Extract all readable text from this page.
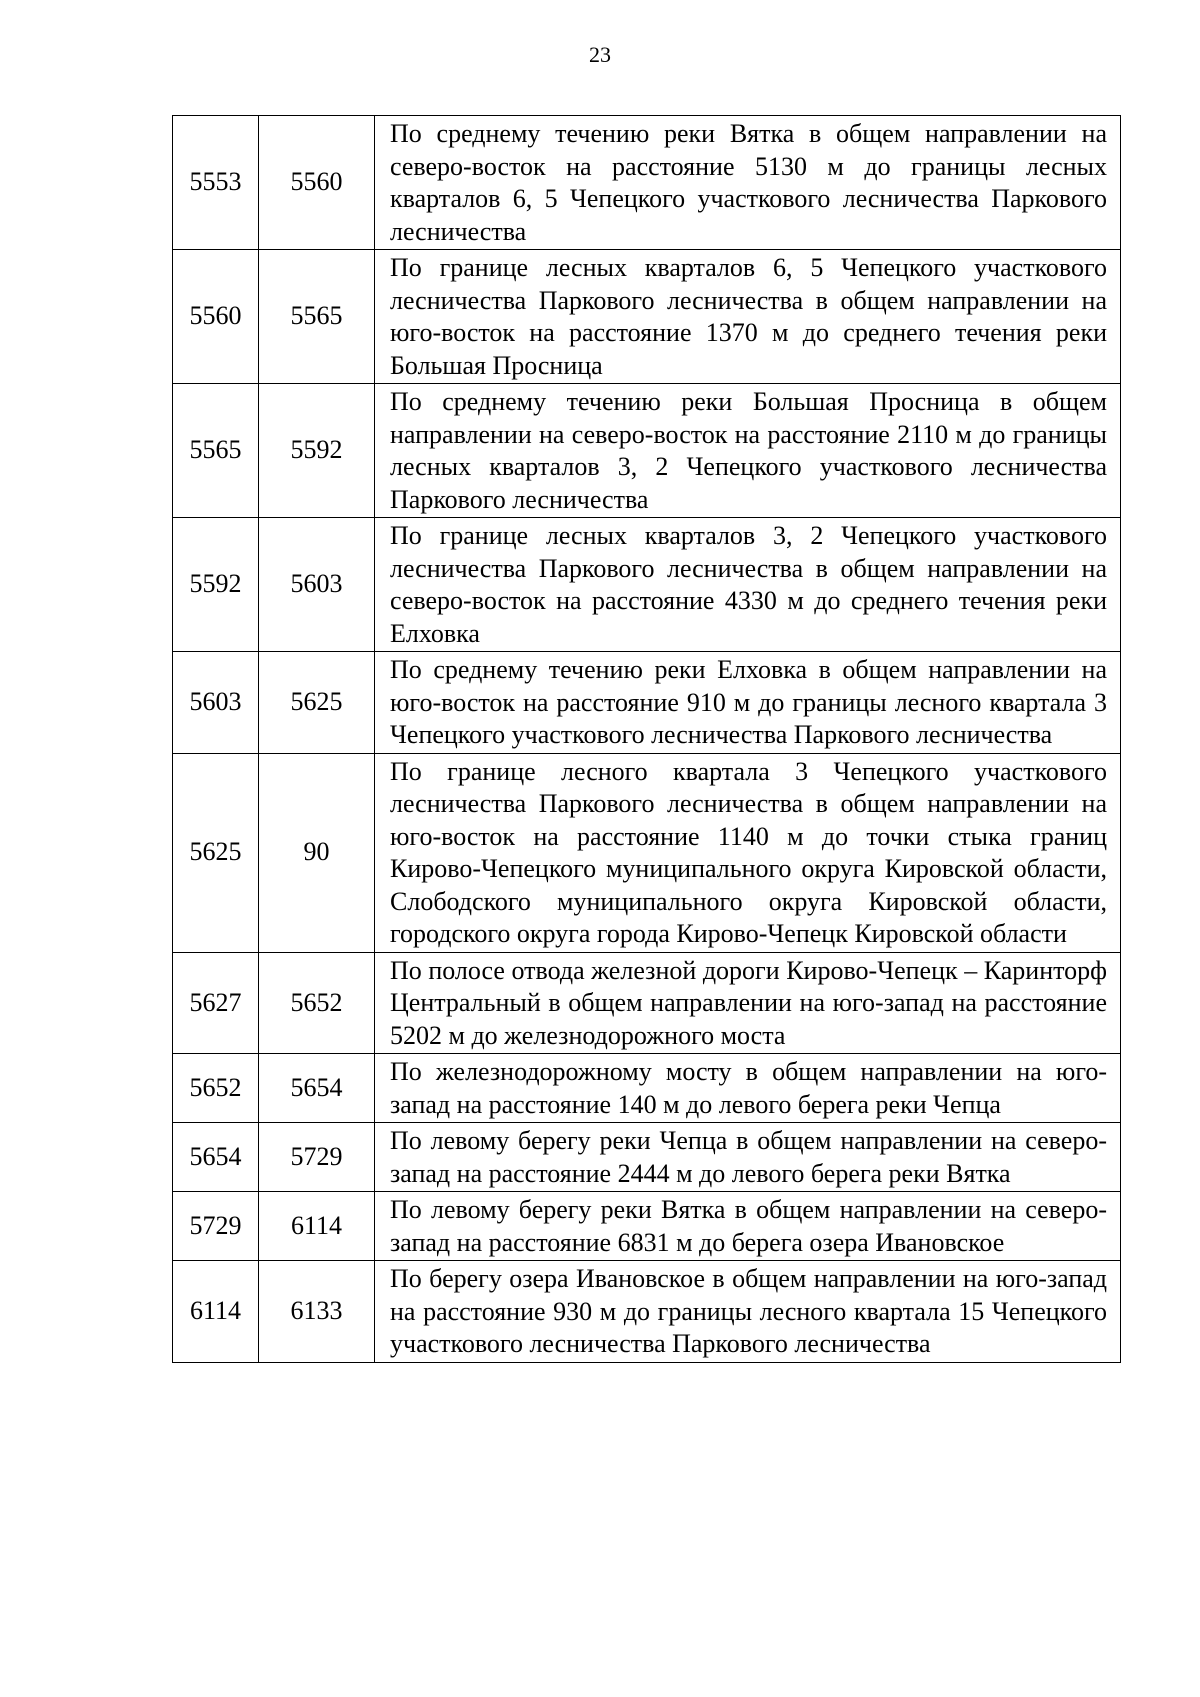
23
5553	5560	По среднему течению реки Вятка в общем направлении на северо-восток на расстояние 5130 м до границы лесных кварталов 6, 5 Чепецкого участкового лесничества Паркового лесничества
5560	5565	По границе лесных кварталов 6, 5 Чепецкого участкового лесничества Паркового лесничества в общем направлении на юго-восток на расстояние 1370 м до среднего течения реки Большая Просница
5565	5592	По среднему течению реки Большая Просница в общем направлении на северо-восток на расстояние 2110 м до границы лесных кварталов 3, 2 Чепецкого участкового лесничества Паркового лесничества
5592	5603	По границе лесных кварталов 3, 2 Чепецкого участкового лесничества Паркового лесничества в общем направлении на северо-восток на расстояние 4330 м до среднего течения реки Елховка
5603	5625	По среднему течению реки Елховка в общем направлении на юго-восток на расстояние 910 м до границы лесного квартала 3 Чепецкого участкового лесничества Паркового лесничества
5625	90	По границе лесного квартала 3 Чепецкого участкового лесничества Паркового лесничества в общем направлении на юго-восток на расстояние 1140 м до точки стыка границ Кирово-Чепецкого муниципального округа Кировской области, Слободского муниципального округа Кировской области, городского округа города Кирово-Чепецк Кировской области
5627	5652	По полосе отвода железной дороги Кирово-Чепецк – Каринторф Центральный в общем направлении на юго-запад на расстояние 5202 м до железнодорожного моста
5652	5654	По железнодорожному мосту в общем направлении на юго-запад на расстояние 140 м до левого берега реки Чепца
5654	5729	По левому берегу реки Чепца в общем направлении на северо-запад на расстояние 2444 м до левого берега реки Вятка
5729	6114	По левому берегу реки Вятка в общем направлении на северо-запад на расстояние 6831 м до берега озера Ивановское
6114	6133	По берегу озера Ивановское в общем направлении на юго-запад на расстояние 930 м до границы лесного квартала 15 Чепецкого участкового лесничества Паркового лесничества
